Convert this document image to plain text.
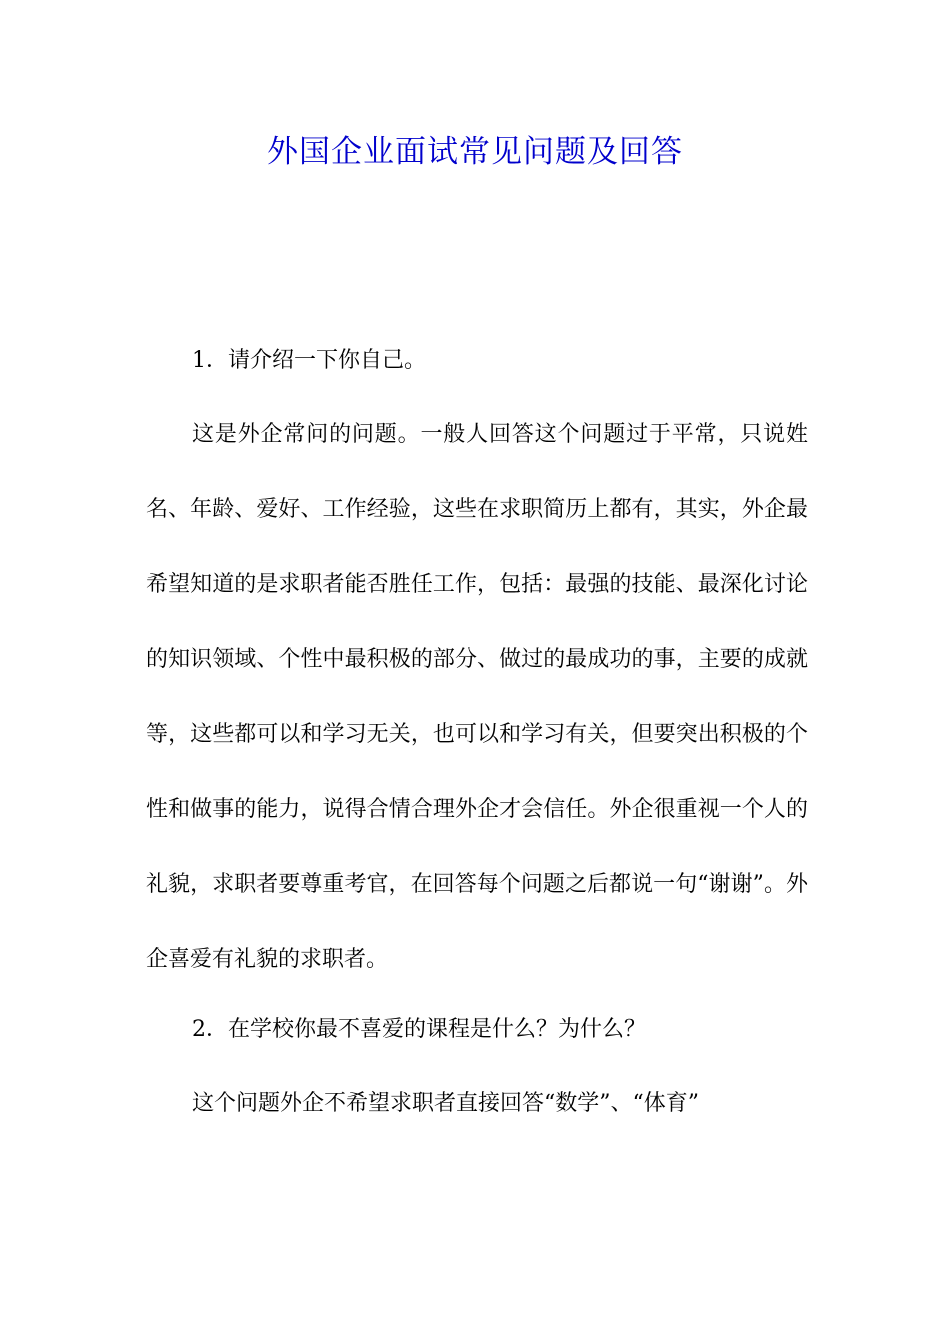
外国企业面试常见问题及回答

1．请介绍一下你自己。

这是外企常问的问题。一般人回答这个问题过于平常，只说姓名、年龄、爱好、工作经验，这些在求职简历上都有，其实，外企最希望知道的是求职者能否胜任工作，包括：最强的技能、最深化讨论的知识领域、个性中最积极的部分、做过的最成功的事，主要的成就等，这些都可以和学习无关，也可以和学习有关，但要突出积极的个性和做事的能力，说得合情合理外企才会信任。外企很重视一个人的礼貌，求职者要尊重考官，在回答每个问题之后都说一句“谢谢”。外企喜爱有礼貌的求职者。

2．在学校你最不喜爱的课程是什么？为什么？

这个问题外企不希望求职者直接回答“数学”、“体育”
